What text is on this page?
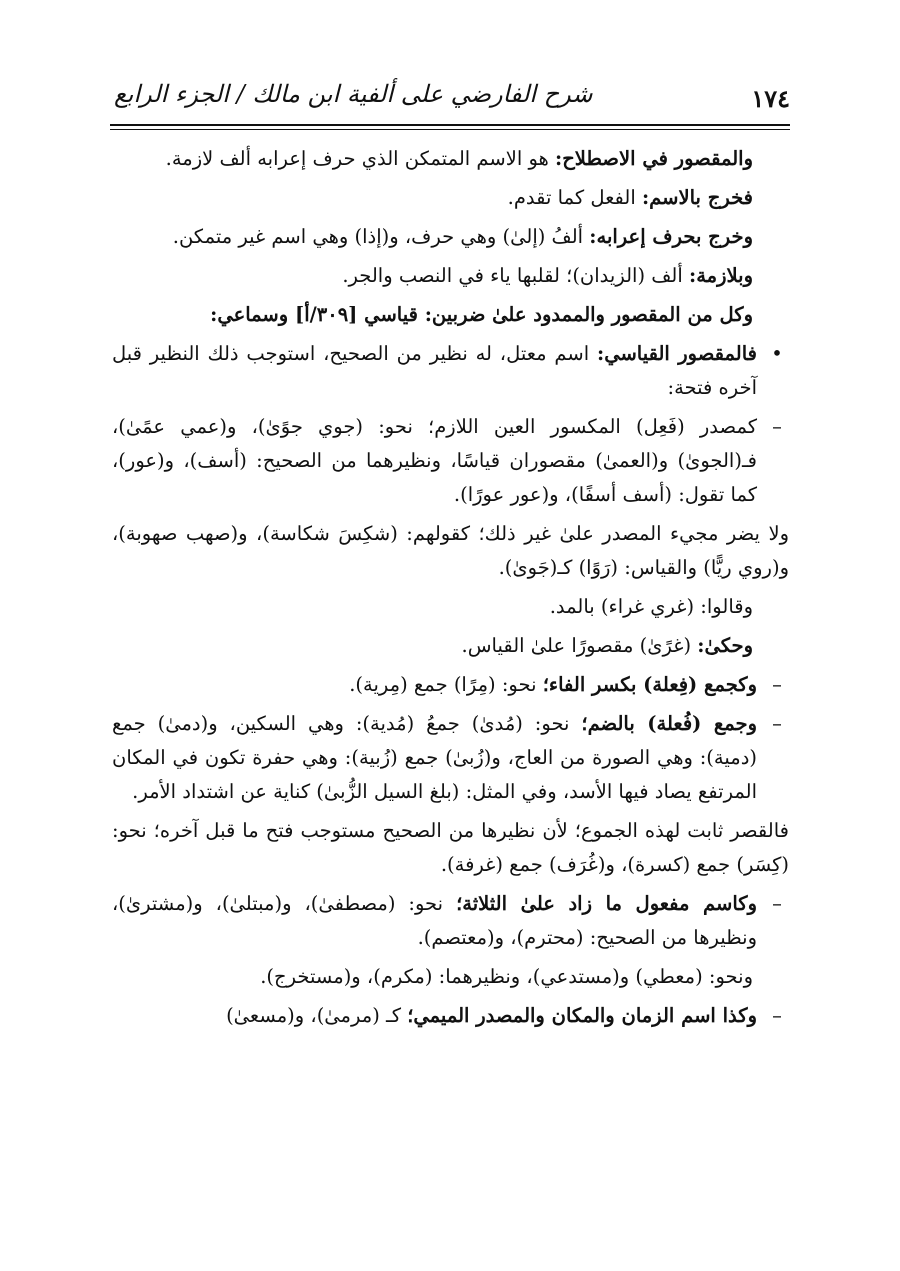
١٧٤
شرح الفارضي على ألفية ابن مالك / الجزء الرابع

والمقصور في الاصطلاح: هو الاسم المتمكن الذي حرف إعرابه ألف لازمة.

فخرج بالاسم: الفعل كما تقدم.

وخرج بحرف إعرابه: ألفُ (إلىٰ) وهي حرف، و(إذا) وهي اسم غير متمكن.

وبلازمة: ألف (الزيدان)؛ لقلبها ياء في النصب والجر.

وكل من المقصور والممدود علىٰ ضربين: قياسي [٣٠٩/أ] وسماعي:

•
فالمقصور القياسي: اسم معتل، له نظير من الصحيح، استوجب ذلك النظير قبل آخره فتحة:
–
كمصدر (فَعِل) المكسور العين اللازم؛ نحو: (جوي جوًىٰ)، و(عمي عمًىٰ)، فـ(الجوىٰ) و(العمىٰ) مقصوران قياسًا، ونظيرهما من الصحيح: (أسف)، و(عور)، كما تقول: (أسف أسفًا)، و(عور عورًا).

ولا يضر مجيء المصدر علىٰ غير ذلك؛ كقولهم: (شكِسَ شكاسة)، و(صهب صهوبة)، و(روي ريًّا) والقياس: (رَوًا) كـ(جَوىٰ).

وقالوا: (غري غراء) بالمد.

وحكىٰ: (غرًىٰ) مقصورًا علىٰ القياس.

–
وكجمع (فِعلة) بكسر الفاء؛ نحو: (مِرًا) جمع (مِرية).
–
وجمع (فُعلة) بالضم؛ نحو: (مُدىٰ) جمعُ (مُدية): وهي السكين، و(دمىٰ) جمع (دمية): وهي الصورة من العاج، و(زُبىٰ) جمع (زُبية): وهي حفرة تكون في المكان المرتفع يصاد فيها الأسد، وفي المثل: (بلغ السيل الزُّبىٰ) كناية عن اشتداد الأمر.

فالقصر ثابت لهذه الجموع؛ لأن نظيرها من الصحيح مستوجب فتح ما قبل آخره؛ نحو: (كِسَر) جمع (كسرة)، و(غُرَف) جمع (غرفة).

–
وكاسم مفعول ما زاد علىٰ الثلاثة؛ نحو: (مصطفىٰ)، و(مبتلىٰ)، و(مشترىٰ)، ونظيرها من الصحيح: (محترم)، و(معتصم).

ونحو: (معطي) و(مستدعي)، ونظيرهما: (مكرم)، و(مستخرج).

–
وكذا اسم الزمان والمكان والمصدر الميمي؛ كـ (مرمىٰ)، و(مسعىٰ)
